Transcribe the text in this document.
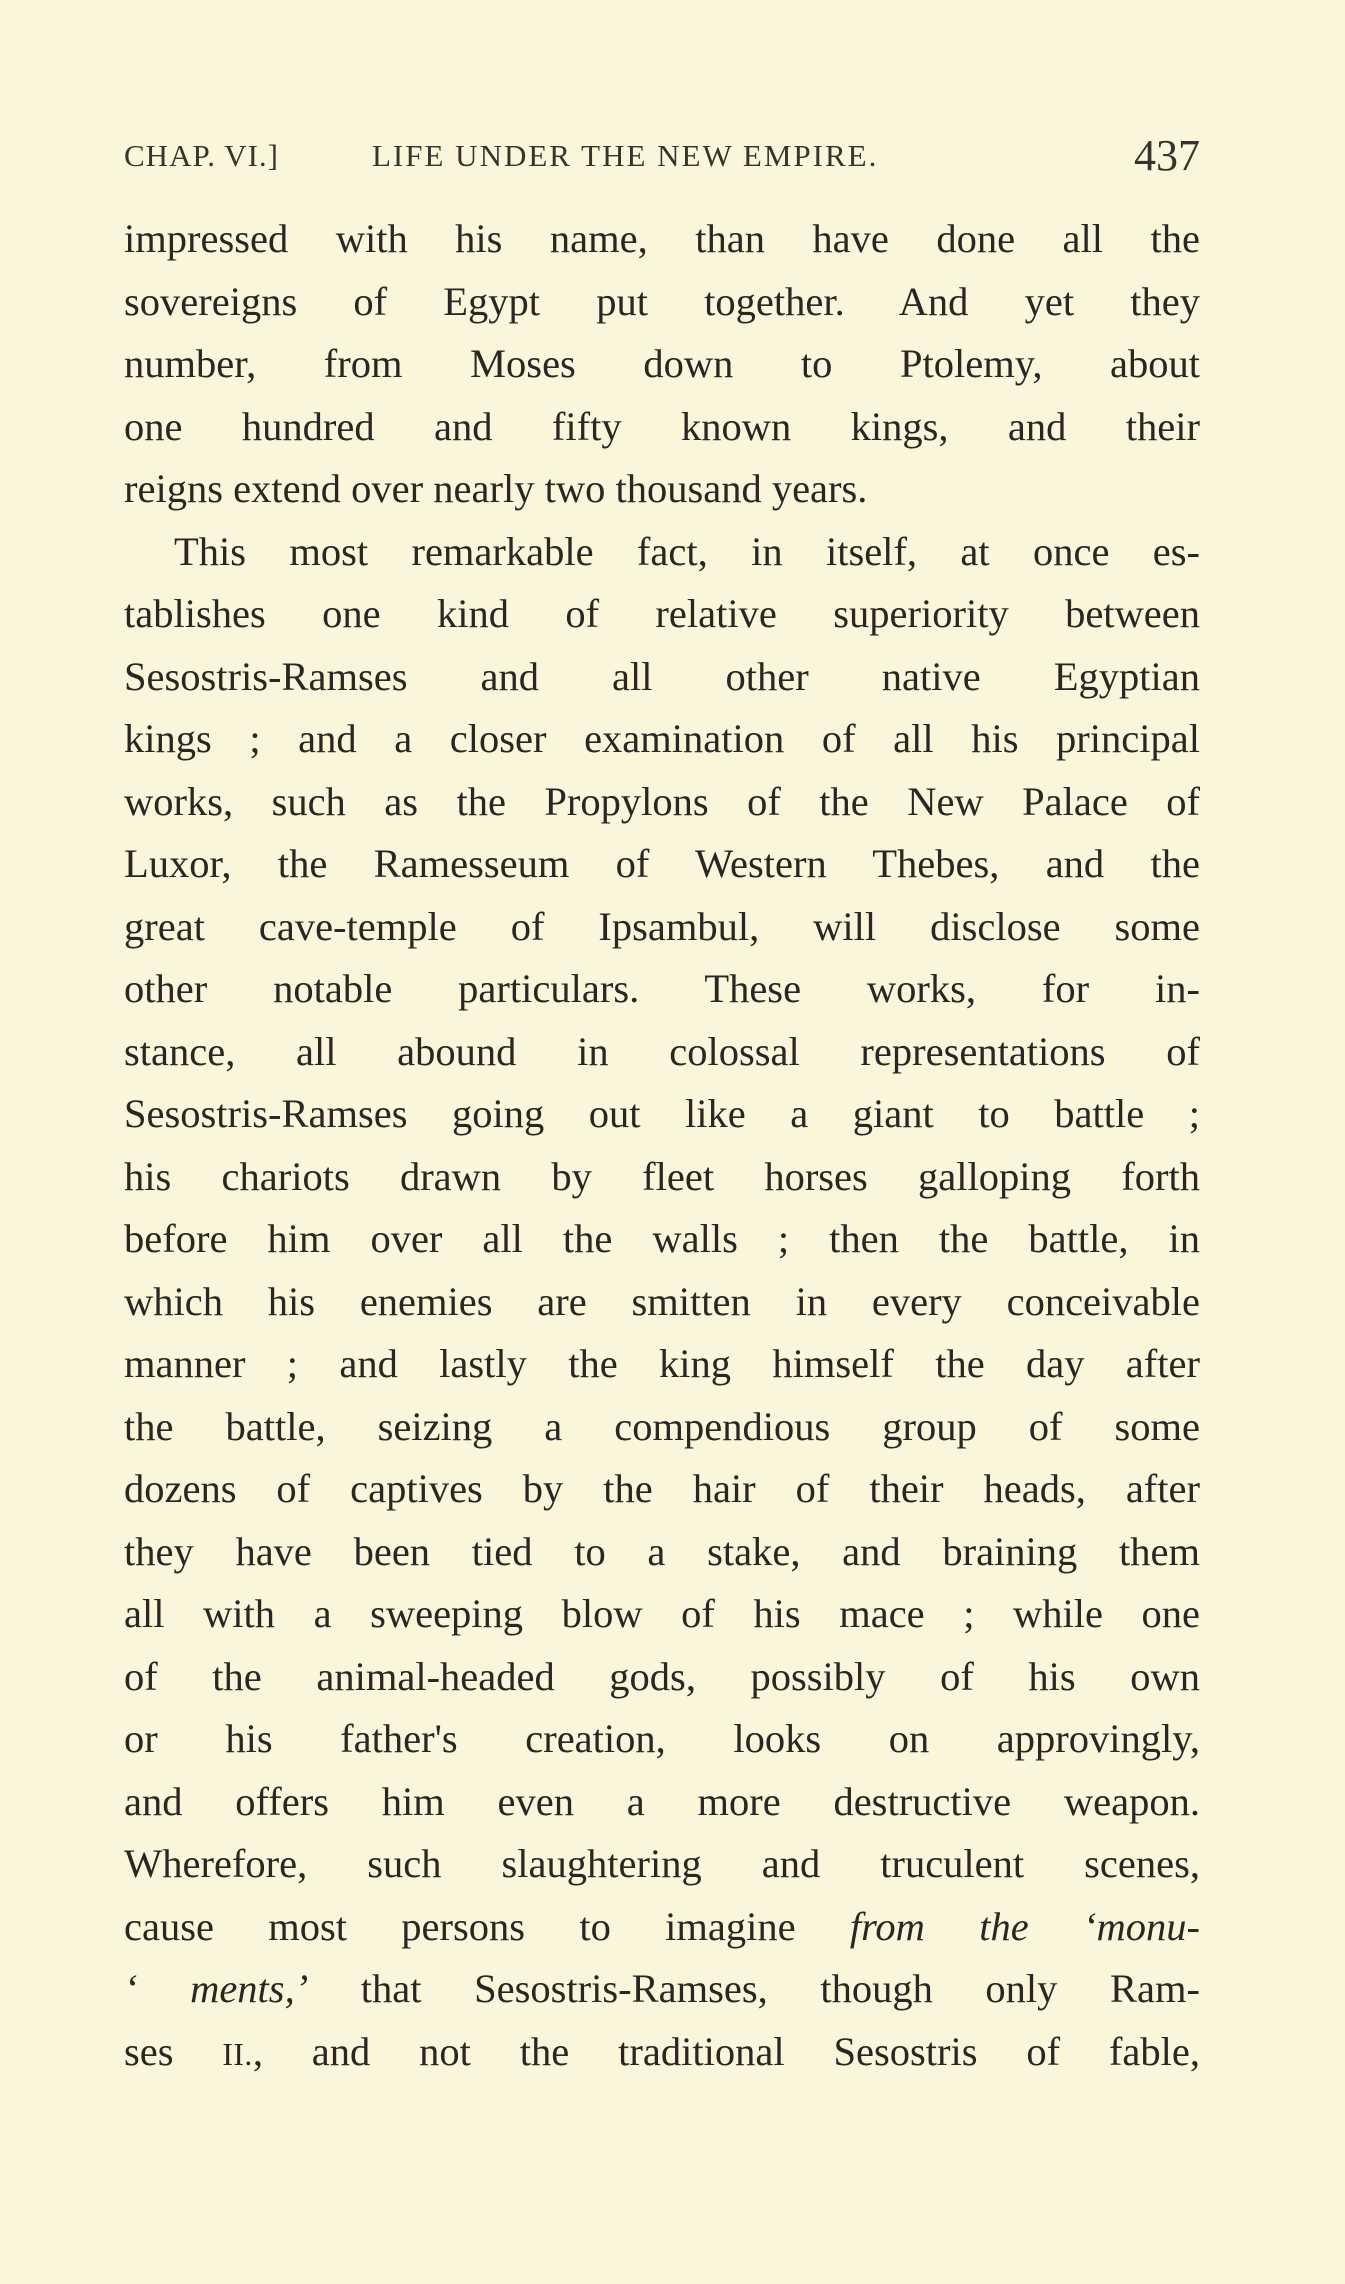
CHAP. VI.]	LIFE UNDER THE NEW EMPIRE.	437
impressed with his name, than have done all the
sovereigns of Egypt put together. And yet they
number, from Moses down to Ptolemy, about
one hundred and fifty known kings, and their
reigns extend over nearly two thousand years.
This most remarkable fact, in itself, at once es-
tablishes one kind of relative superiority between
Sesostris-Ramses and all other native Egyptian
kings ; and a closer examination of all his principal
works, such as the Propylons of the New Palace of
Luxor, the Ramesseum of Western Thebes, and the
great cave-temple of Ipsambul, will disclose some
other notable particulars. These works, for in-
stance, all abound in colossal representations of
Sesostris-Ramses going out like a giant to battle ;
his chariots drawn by fleet horses galloping forth
before him over all the walls ; then the battle, in
which his enemies are smitten in every conceivable
manner ; and lastly the king himself the day after
the battle, seizing a compendious group of some
dozens of captives by the hair of their heads, after
they have been tied to a stake, and braining them
all with a sweeping blow of his mace ; while one
of the animal-headed gods, possibly of his own
or his father's creation, looks on approvingly,
and offers him even a more destructive weapon.
Wherefore, such slaughtering and truculent scenes,
cause most persons to imagine from the ‘monu-
‘ ments,’ that Sesostris-Ramses, though only Ram-
ses II., and not the traditional Sesostris of fable,
